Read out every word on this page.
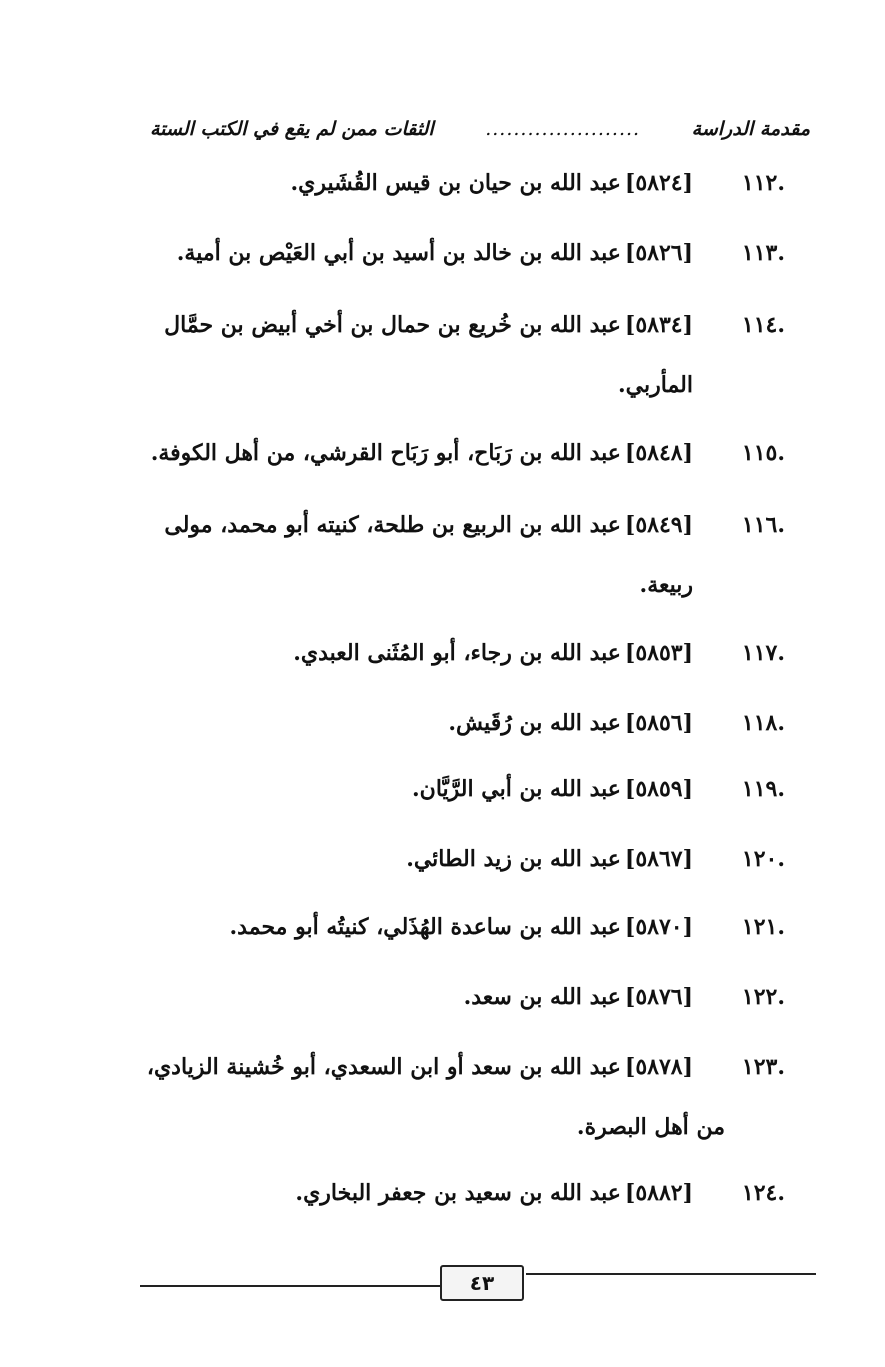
مقدمة الدراسة
......................
الثقات ممن لم يقع في الكتب الستة
.١١٢
[٥٨٢٤]عبد الله بن حيان بن قيس القُشَيري.
.١١٣
[٥٨٢٦]عبد الله بن خالد بن أسيد بن أبي العَيْص بن أمية.
.١١٤
[٥٨٣٤]عبد الله بن خُريع بن حمال بن أخي أبيض بن حمَّال
المأربي.
.١١٥
[٥٨٤٨]عبد الله بن رَبَاح، أبو رَبَاح القرشي، من أهل الكوفة.
.١١٦
[٥٨٤٩]عبد الله بن الربيع بن طلحة، كنيته أبو محمد، مولى
ربيعة.
.١١٧
[٥٨٥٣]عبد الله بن رجاء، أبو المُثَنى العبدي.
.١١٨
[٥٨٥٦]عبد الله بن رُقَيش.
.١١٩
[٥٨٥٩]عبد الله بن أبي الرَّيَّان.
.١٢٠
[٥٨٦٧]عبد الله بن زيد الطائي.
.١٢١
[٥٨٧٠]عبد الله بن ساعدة الهُذَلي، كنيتُه أبو محمد.
.١٢٢
[٥٨٧٦]عبد الله بن سعد.
.١٢٣
[٥٨٧٨]عبد الله بن سعد أو ابن السعدي، أبو خُشينة الزيادي،
من أهل البصرة.
.١٢٤
[٥٨٨٢]عبد الله بن سعيد بن جعفر البخاري.
٤٣
